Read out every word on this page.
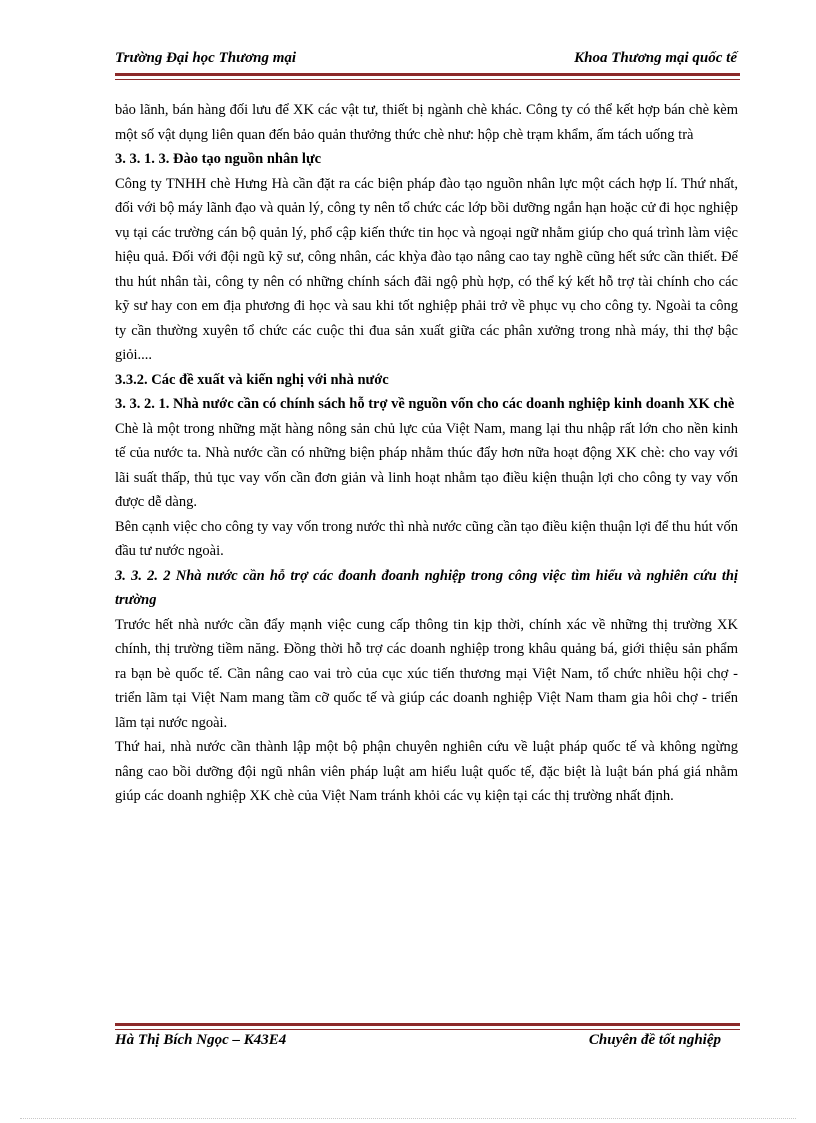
Trường Đại học Thương mại	Khoa Thương mại quốc tế

bảo lãnh, bán hàng đối lưu để XK các vật tư, thiết bị ngành chè khác. Công ty có thể kết hợp bán chè kèm một số vật dụng liên quan đến bảo quản thưởng thức chè như: hộp chè trạm khẩm, ấm tách uống trà

3. 3. 1. 3. Đào tạo nguồn nhân lực

Công ty TNHH chè Hưng Hà cần đặt ra các biện pháp đào tạo nguồn nhân lực một cách hợp lí. Thứ nhất, đối với bộ máy lãnh đạo và quản lý, công ty nên tổ chức các lớp bồi dưỡng ngắn hạn hoặc cử đi học nghiệp vụ tại các trường cán bộ quản lý, phổ cập kiến thức tin học và ngoại ngữ nhằm giúp cho quá trình làm việc hiệu quả. Đối với đội ngũ kỹ sư, công nhân, các khỳa đào tạo nâng cao tay nghề cũng hết sức cần thiết. Để thu hút nhân tài, công ty nên có những chính sách đãi ngộ phù hợp, có thể ký kết hỗ trợ tài chính cho các kỹ sư hay con em địa phương đi học và sau khi tốt nghiệp phải trở về phục vụ cho công ty. Ngoài ta công ty cần thường xuyên tổ chức các cuộc thi đua sản xuất giữa các phân xưởng trong nhà máy, thi thợ bậc giỏi....

3.3.2. Các đề xuất và kiến nghị với nhà nước

3. 3. 2. 1. Nhà nước cần có chính sách hỗ trợ về nguồn vốn cho các doanh nghiệp kinh doanh XK chè

Chè là một trong những mặt hàng nông sản chủ lực của Việt Nam, mang lại thu nhập rất lớn cho nền kinh tế của nước ta. Nhà nước cần có những biện pháp nhằm thúc đẩy hơn nữa hoạt động XK chè: cho vay với lãi suất thấp, thủ tục vay vốn cần đơn giản và linh hoạt nhằm tạo điều kiện thuận lợi cho công ty vay vốn được dễ dàng.

Bên cạnh việc cho công ty vay vốn trong nước thì nhà nước cũng cần tạo điều kiện thuận lợi để thu hút vốn đầu tư nước ngoài.

3. 3. 2. 2 Nhà nước cần hỗ trợ các đoanh đoanh nghiệp trong công việc tìm hiểu và nghiên cứu thị trường

Trước hết nhà nước cần đẩy mạnh việc cung cấp thông tin kịp thời, chính xác về những thị trường XK chính, thị trường tiềm năng. Đồng thời hỗ trợ các doanh nghiệp trong khâu quảng bá, giới thiệu sản phẩm ra bạn bè quốc tế. Cần nâng cao vai trò của cục xúc tiến thương mại Việt Nam, tổ chức nhiều hội chợ - triển lãm tại Việt Nam mang tầm cỡ quốc tế và giúp các doanh nghiệp Việt Nam tham gia hôi chợ - triển lãm tại nước ngoài.

Thứ hai, nhà nước cần thành lập một bộ phận chuyên nghiên cứu về luật pháp quốc tế và không ngừng nâng cao bồi dưỡng đội ngũ nhân viên pháp luật am hiểu luật quốc tế, đặc biệt là luật bán phá giá nhằm giúp các doanh nghiệp XK chè của Việt Nam tránh khỏi các vụ kiện tại các thị trường nhất định.

Hà Thị Bích Ngọc – K43E4	Chuyên đề tốt nghiệp
